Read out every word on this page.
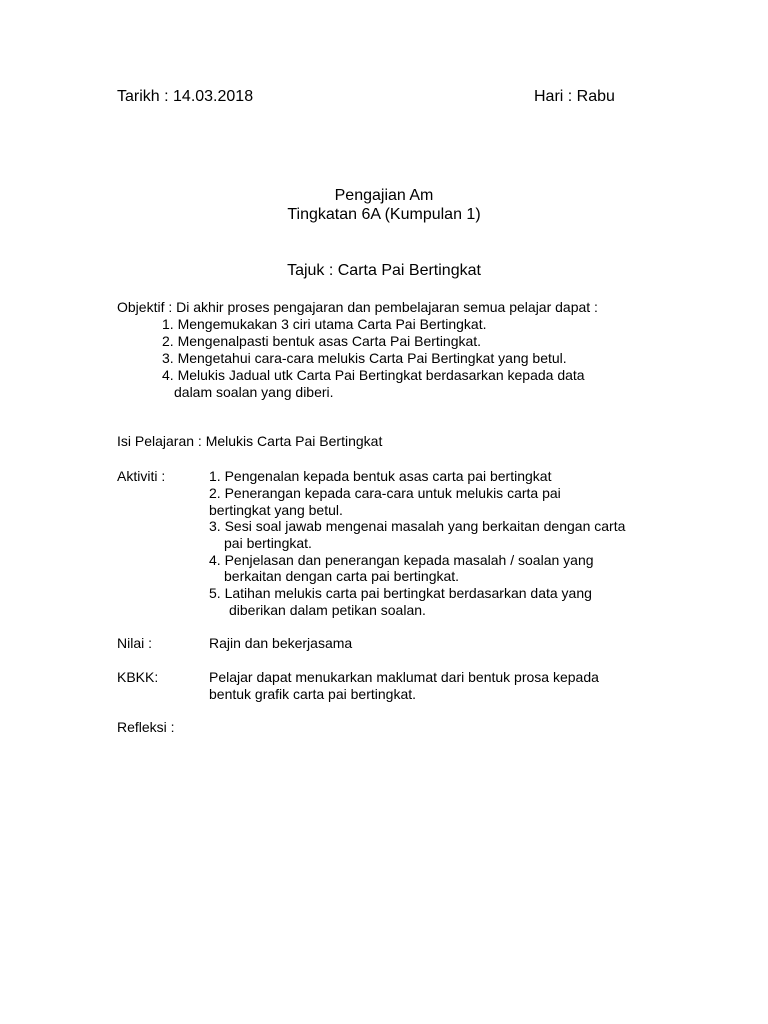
Tarikh : 14.03.2018	Hari : Rabu
Pengajian Am
Tingkatan 6A (Kumpulan 1)
Tajuk : Carta Pai Bertingkat
Objektif : Di akhir proses pengajaran dan pembelajaran semua pelajar dapat :
1. Mengemukakan 3 ciri utama Carta Pai Bertingkat.
2. Mengenalpasti bentuk asas Carta Pai Bertingkat.
3. Mengetahui cara-cara melukis Carta Pai Bertingkat yang betul.
4. Melukis Jadual utk Carta Pai Bertingkat berdasarkan kepada data
dalam soalan yang diberi.
Isi Pelajaran : Melukis Carta Pai Bertingkat
Aktiviti :	1. Pengenalan kepada bentuk asas carta pai bertingkat
2. Penerangan kepada cara-cara untuk melukis carta pai
bertingkat yang betul.
3. Sesi soal jawab mengenai masalah yang berkaitan dengan carta
pai bertingkat.
4. Penjelasan dan penerangan kepada masalah / soalan yang
berkaitan dengan carta pai bertingkat.
5. Latihan melukis carta pai bertingkat berdasarkan data yang
diberikan dalam petikan soalan.
Nilai :	Rajin dan bekerjasama
KBKK:	Pelajar dapat menukarkan maklumat dari bentuk prosa kepada
bentuk grafik carta pai bertingkat.
Refleksi :
